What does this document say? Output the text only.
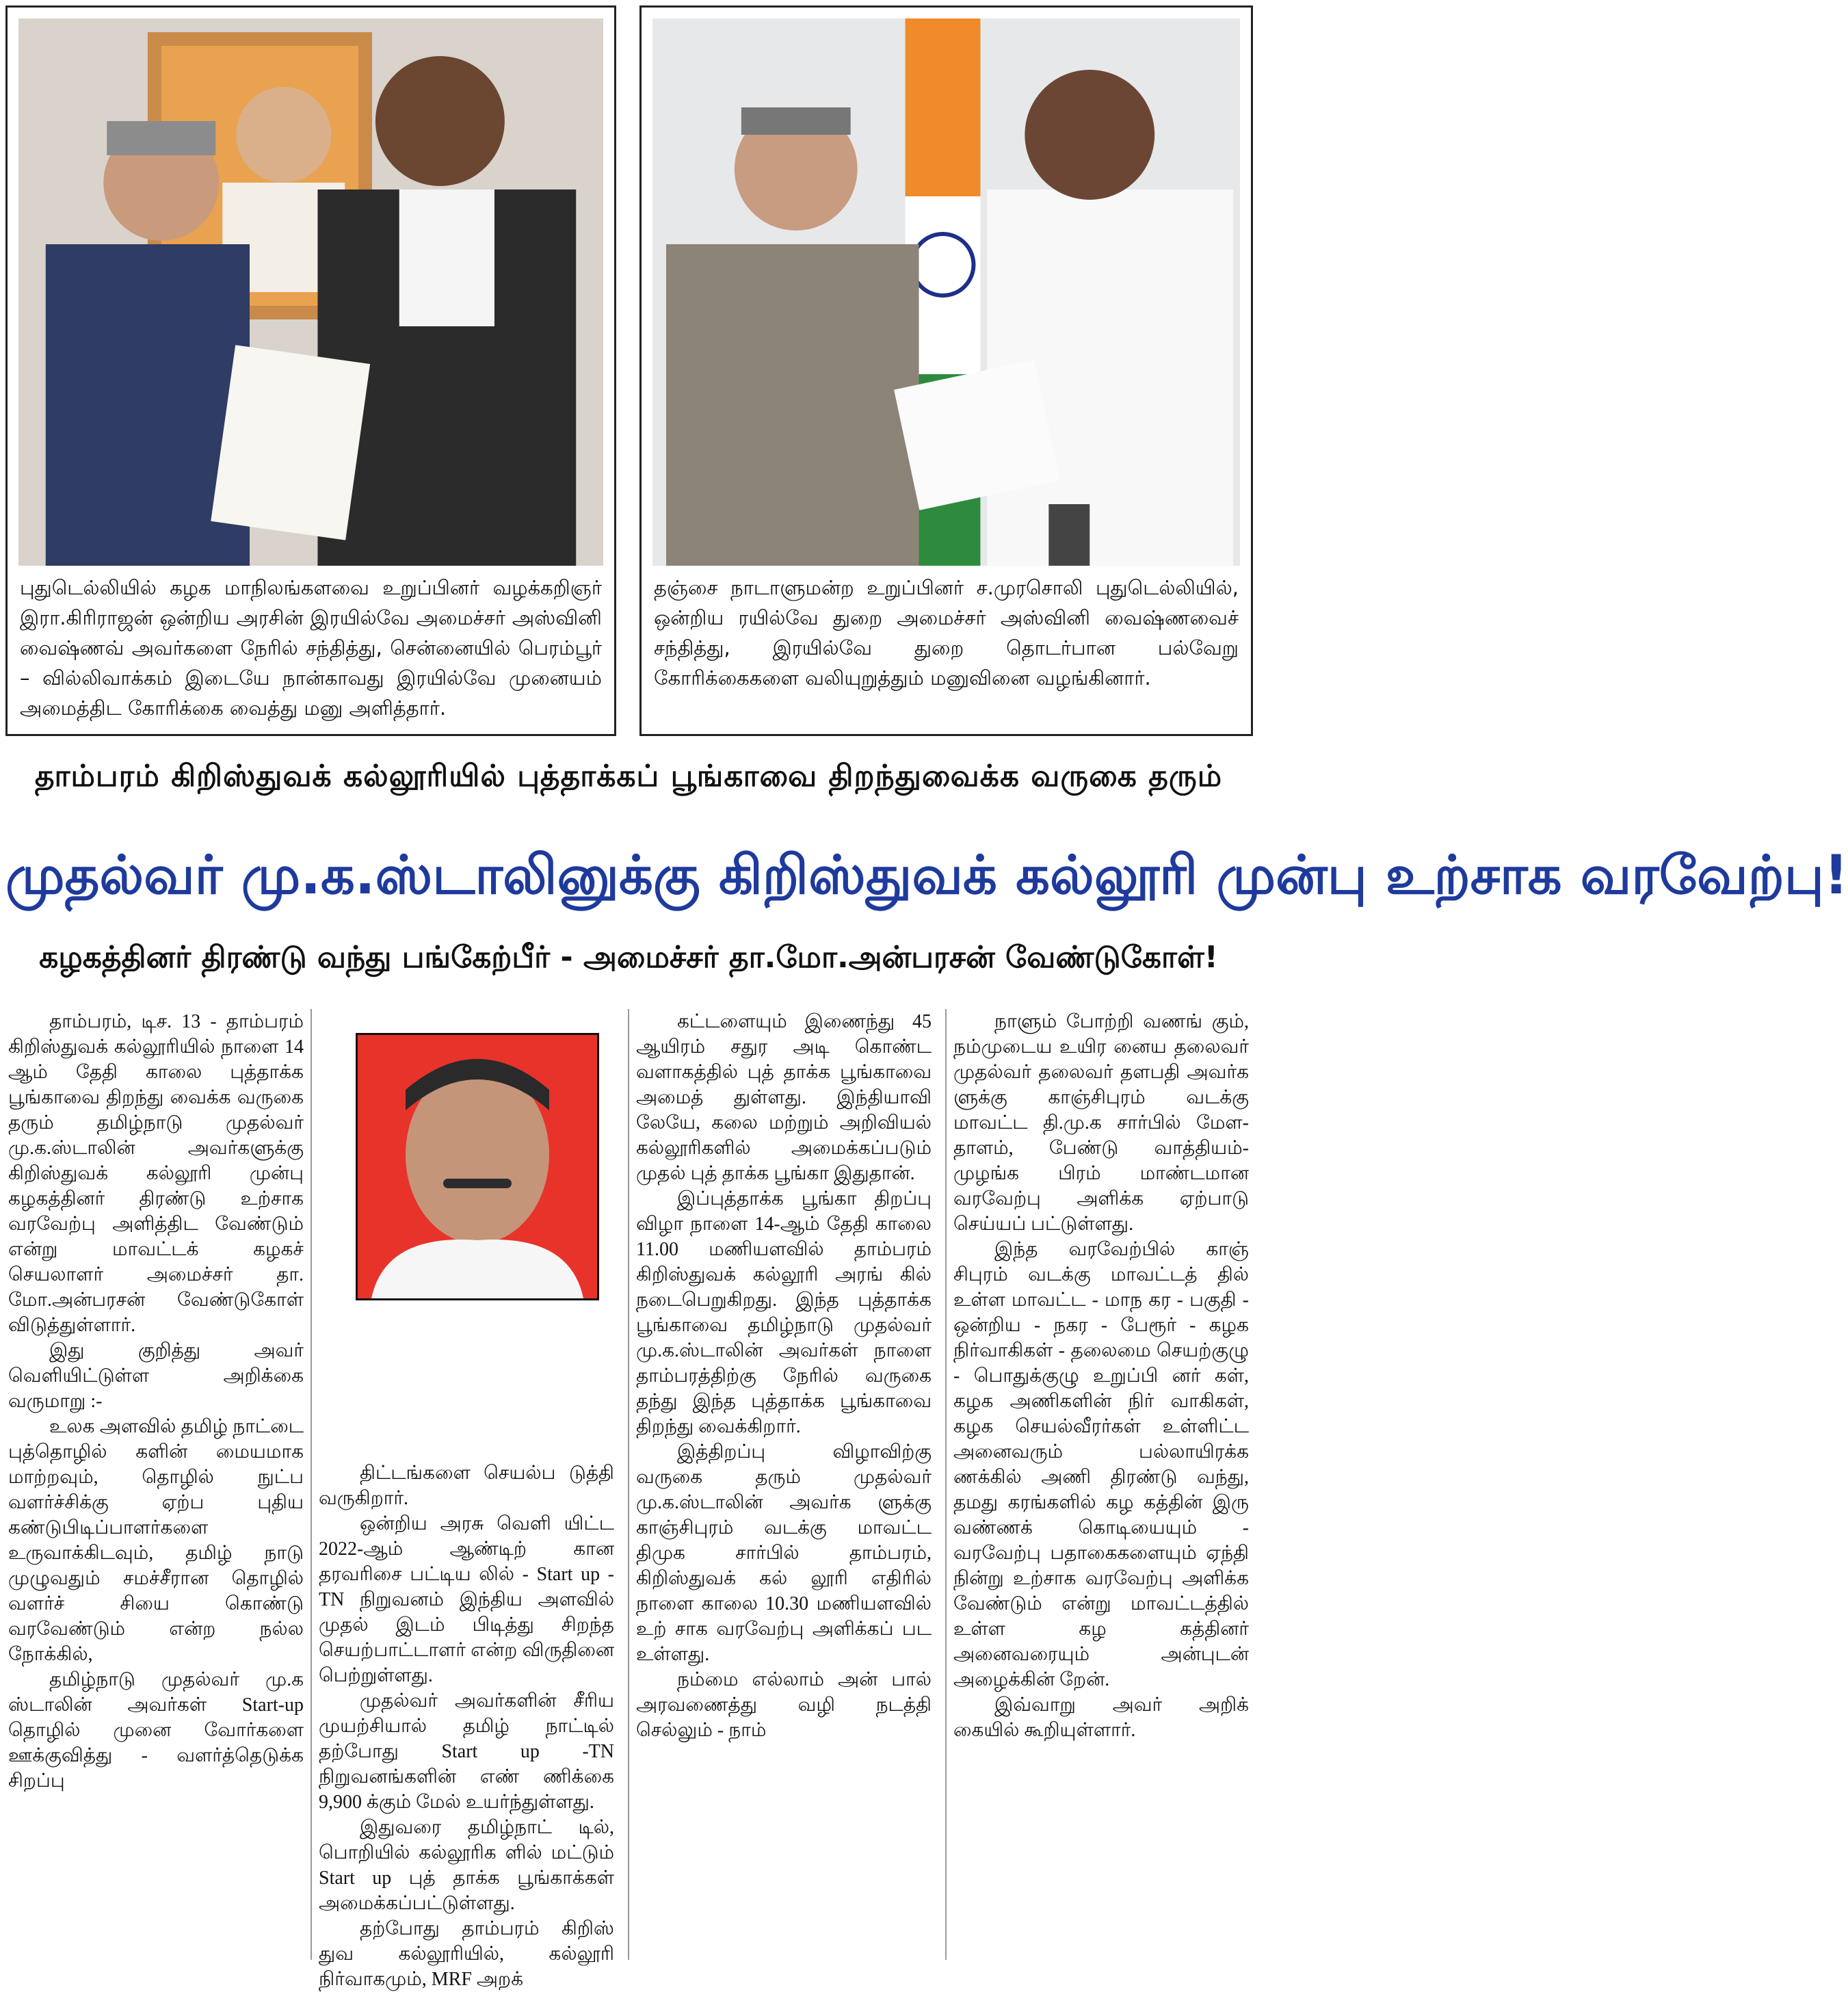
புதுடெல்லியில் கழக மாநிலங்களவை உறுப்பினர் வழக்கறிஞர் இரா.கிரிராஜன் ஒன்றிய அரசின் இரயில்வே அமைச்சர் அஸ்வினி வைஷ்ணவ் அவர்களை நேரில் சந்தித்து, சென்னையில் பெரம்பூர் – வில்லிவாக்கம் இடையே நான்காவது இரயில்வே முனையம் அமைத்திட கோரிக்கை வைத்து மனு அளித்தார்.
தஞ்சை நாடாளுமன்ற உறுப்பினர் ச.முரசொலி புதுடெல்லியில், ஒன்றிய ரயில்வே துறை அமைச்சர் அஸ்வினி வைஷ்ணவைச் சந்தித்து, இரயில்வே துறை தொடர்பான பல்வேறு கோரிக்கைகளை வலியுறுத்தும் மனுவினை வழங்கினார்.
தாம்பரம் கிறிஸ்துவக் கல்லூரியில் புத்தாக்கப் பூங்காவை திறந்துவைக்க வருகை தரும்
முதல்வர் மு.க.ஸ்டாலினுக்கு கிறிஸ்துவக் கல்லூரி முன்பு உற்சாக வரவேற்பு!
கழகத்தினர் திரண்டு வந்து பங்கேற்பீர் - அமைச்சர் தா.மோ.அன்பரசன் வேண்டுகோள்!

தாம்பரம், டிச. 13 - தாம்பரம் கிறிஸ்துவக் கல்லூரியில் நாளை 14 ஆம் தேதி காலை புத்தாக்க பூங்காவை திறந்து வைக்க வருகை தரும் தமிழ்நாடு முதல்வர் மு.க.ஸ்டாலின் அவர்களுக்கு கிறிஸ்துவக் கல்லூரி முன்பு கழகத்தினர் திரண்டு உற்சாக வரவேற்பு அளித்திட வேண்டும் என்று மாவட்டக் கழகச் செயலாளர் அமைச்சர் தா. மோ.அன்பரசன் வேண்டுகோள் விடுத்துள்ளார்.

இது குறித்து அவர் வெளியிட்டுள்ள அறிக்கை வருமாறு :-

உலக அளவில் தமிழ் நாட்டை புத்தொழில் களின் மையமாக மாற்றவும், தொழில் நுட்ப வளர்ச்சிக்கு ஏற்ப புதிய கண்டுபிடிப்பாளர்களை உருவாக்கிடவும், தமிழ் நாடு முழுவதும் சமச்சீரான தொழில் வளர்ச் சியை கொண்டு வரவேண்டும் என்ற நல்ல நோக்கில்,

தமிழ்நாடு முதல்வர் மு.க ஸ்டாலின் அவர்கள் Start-up தொழில் முனை வோர்களை ஊக்குவித்து - வளர்த்தெடுக்க சிறப்பு

திட்டங்களை செயல்ப டுத்தி வருகிறார்.

ஒன்றிய அரசு வெளி யிட்ட 2022-ஆம் ஆண்டிற் கான தரவரிசை பட்டிய லில் - Start up -TN நிறுவனம் இந்திய அளவில் முதல் இடம் பிடித்து சிறந்த செயற்பாட்டாளர் என்ற விருதினை பெற்றுள்ளது.

முதல்வர் அவர்களின் சீரிய முயற்சியால் தமிழ் நாட்டில் தற்போது Start up -TN நிறுவனங்களின் எண் ணிக்கை 9,900 க்கும் மேல் உயர்ந்துள்ளது.

இதுவரை தமிழ்நாட் டில், பொறியில் கல்லூரிக ளில் மட்டும் Start up புத் தாக்க பூங்காக்கள் அமைக்கப்பட்டுள்ளது.

தற்போது தாம்பரம் கிறிஸ் துவ கல்லூரியில், கல்லூரி நிர்வாகமும், MRF அறக்

கட்டளையும் இணைந்து 45 ஆயிரம் சதுர அடி கொண்ட வளாகத்தில் புத் தாக்க பூங்காவை அமைத் துள்ளது. இந்தியாவி லேயே, கலை மற்றும் அறிவியல் கல்லூரிகளில் அமைக்கப்படும் முதல் புத் தாக்க பூங்கா இதுதான்.

இப்புத்தாக்க பூங்கா திறப்பு விழா நாளை 14-ஆம் தேதி காலை 11.00 மணியளவில் தாம்பரம் கிறிஸ்துவக் கல்லூரி அரங் கில் நடைபெறுகிறது. இந்த புத்தாக்க பூங்காவை தமிழ்நாடு முதல்வர் மு.க.ஸ்டாலின் அவர்கள் நாளை தாம்பரத்திற்கு நேரில் வருகை தந்து இந்த புத்தாக்க பூங்காவை திறந்து வைக்கிறார்.

இத்திறப்பு விழாவிற்கு வருகை தரும் முதல்வர் மு.க.ஸ்டாலின் அவர்க ளுக்கு காஞ்சிபுரம் வடக்கு மாவட்ட திமுக சார்பில் தாம்பரம், கிறிஸ்துவக் கல் லூரி எதிரில் நாளை காலை 10.30 மணியளவில் உற் சாக வரவேற்பு அளிக்கப் பட உள்ளது.

நம்மை எல்லாம் அன் பால் அரவணைத்து வழி நடத்தி செல்லும் - நாம்

நாளும் போற்றி வணங் கும், நம்முடைய உயிர னைய தலைவர் முதல்வர் தலைவர் தளபதி அவர்க ளுக்கு காஞ்சிபுரம் வடக்கு மாவட்ட தி.மு.க சார்பில் மேள- தாளம், பேண்டு வாத்தியம்- முழங்க பிரம் மாண்டமான வரவேற்பு அளிக்க ஏற்பாடு செய்யப் பட்டுள்ளது.

இந்த வரவேற்பில் காஞ் சிபுரம் வடக்கு மாவட்டத் தில் உள்ள மாவட்ட - மாந கர - பகுதி - ஒன்றிய - நகர - பேரூர் - கழக நிர்வாகிகள் - தலைமை செயற்குழு - பொதுக்குழு உறுப்பி னர் கள், கழக அணிகளின் நிர் வாகிகள், கழக செயல்வீரர்கள் உள்ளிட்ட அனைவரும் பல்லாயிரக்க ணக்கில் அணி திரண்டு வந்து, தமது கரங்களில் கழ கத்தின் இரு வண்ணக் கொடியையும் - வரவேற்பு பதாகைகளையும் ஏந்தி நின்று உற்சாக வரவேற்பு அளிக்க வேண்டும் என்று மாவட்டத்தில் உள்ள கழ கத்தினர் அனைவரையும் அன்புடன் அழைக்கின் றேன்.

இவ்வாறு அவர் அறிக் கையில் கூறியுள்ளார்.
